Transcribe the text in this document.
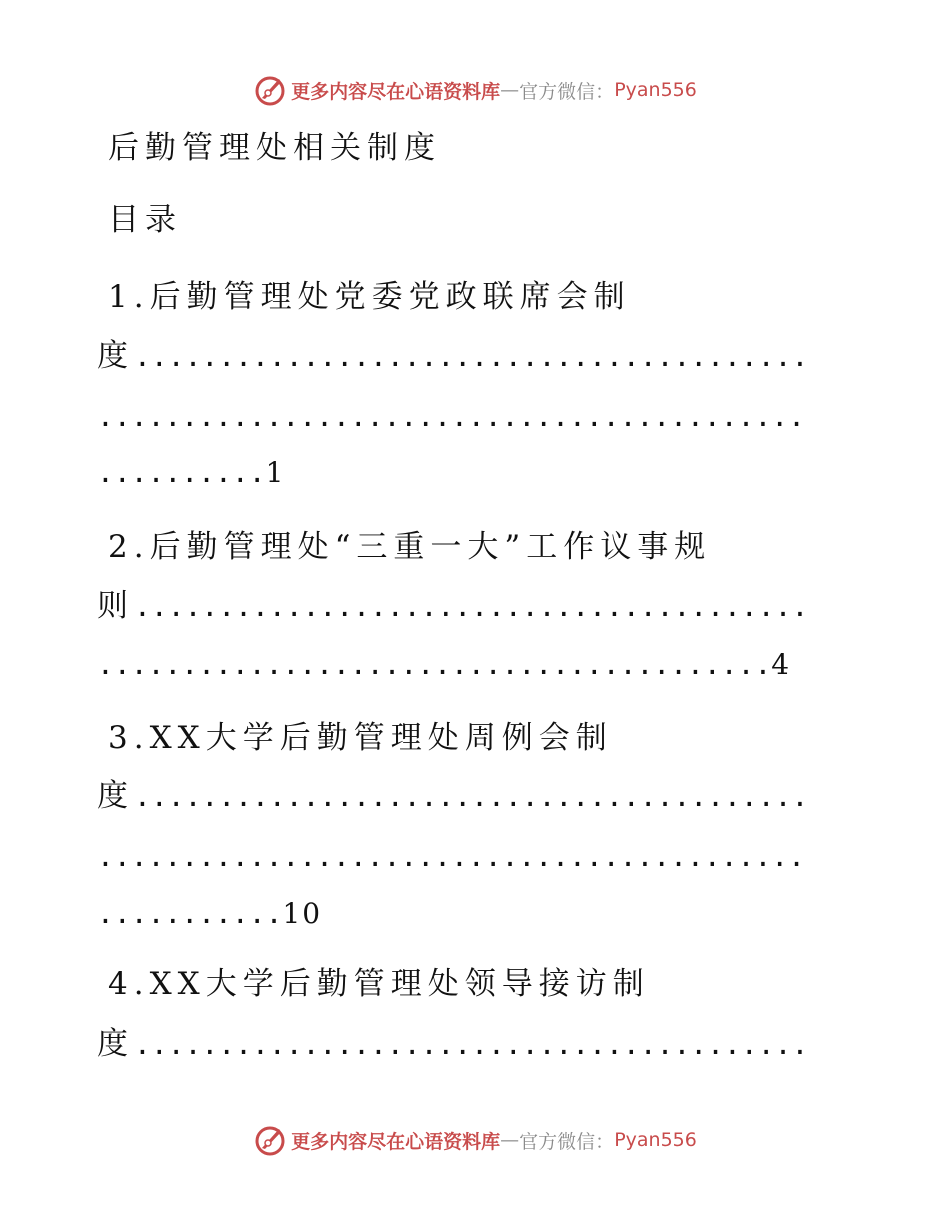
更多内容尽在心语资料库 — 官方微信： Pyan556
后勤管理处相关制度
目录
1.后勤管理处党委党政联席会制
度........................................
..........................................
..........1
2.后勤管理处“三重一大”工作议事规
则........................................
........................................4
3.XX大学后勤管理处周例会制
度........................................
..........................................
...........10
4.XX大学后勤管理处领导接访制
度........................................
更多内容尽在心语资料库 — 官方微信： Pyan556
